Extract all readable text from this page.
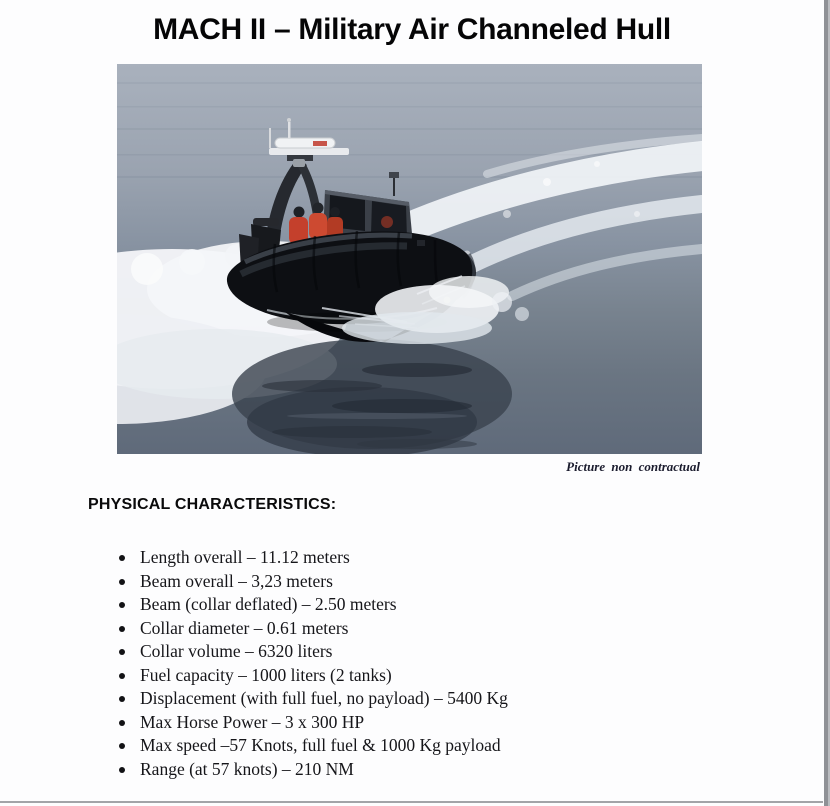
MACH II – Military Air Channeled Hull
Picture non contractual
PHYSICAL CHARACTERISTICS:
Length overall – 11.12 meters
Beam overall – 3,23 meters
Beam (collar deflated) – 2.50 meters
Collar diameter – 0.61 meters
Collar volume – 6320 liters
Fuel capacity – 1000 liters (2 tanks)
Displacement (with full fuel, no payload) – 5400 Kg
Max Horse Power – 3 x 300 HP
Max speed –57 Knots, full fuel & 1000 Kg payload
Range (at 57 knots) – 210 NM
